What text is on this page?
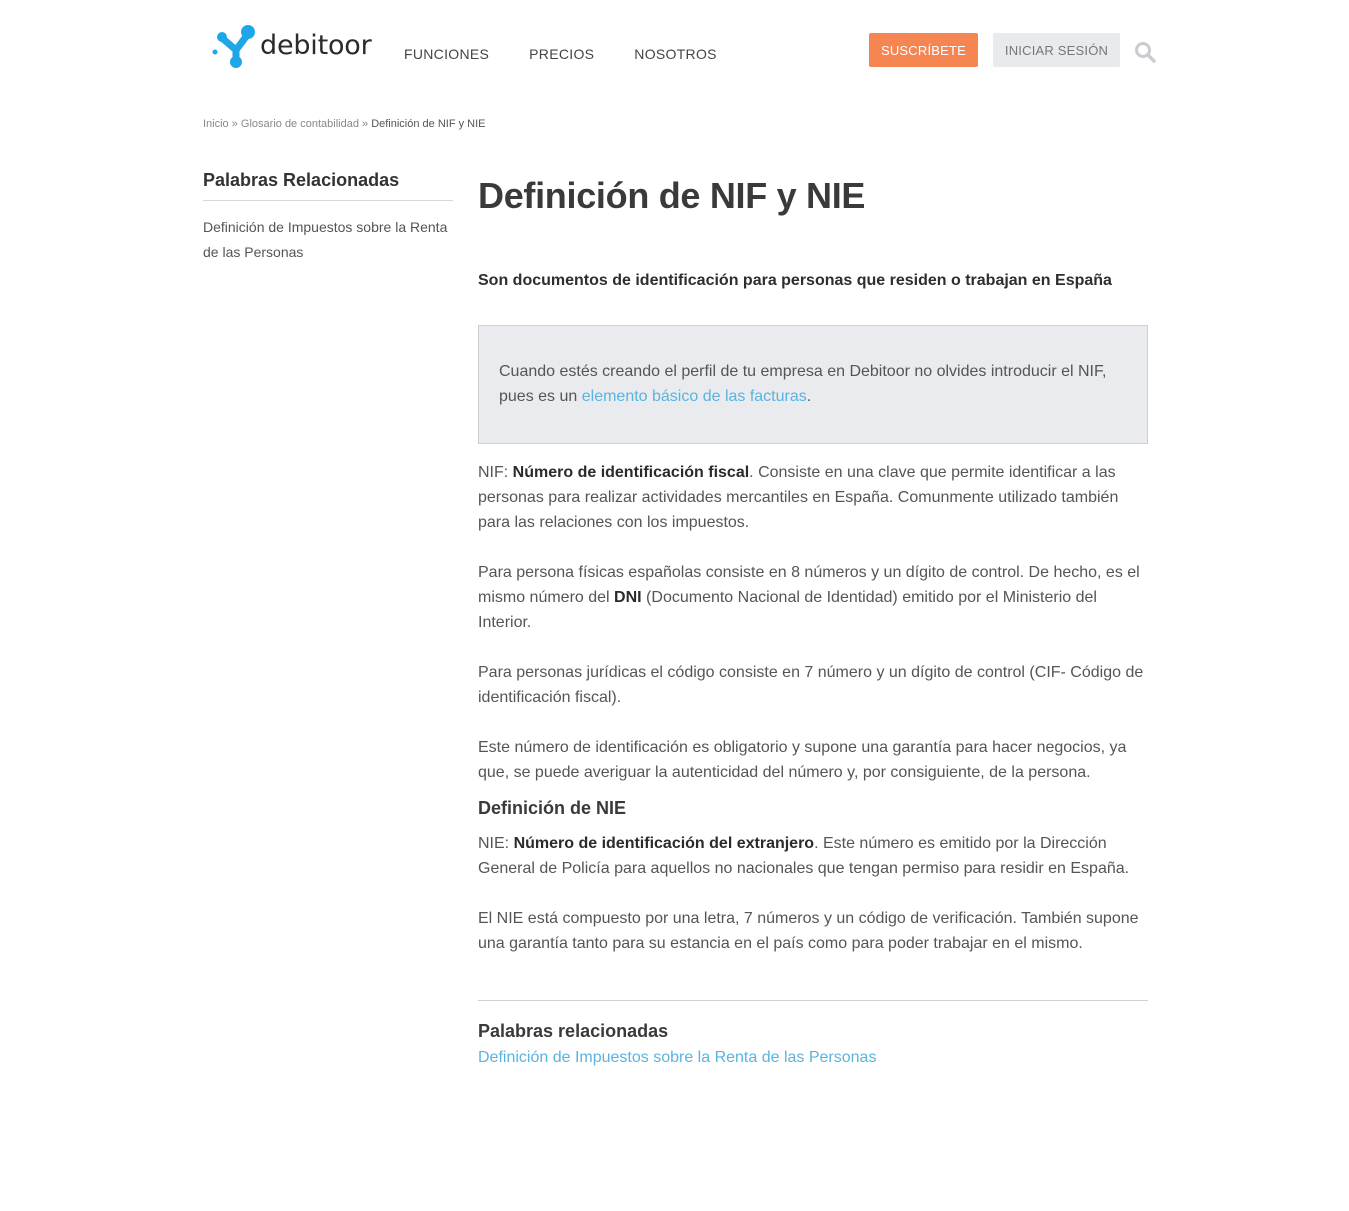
debitoor FUNCIONES	PRECIOS	NOSOTROS	SUSCRÍBETE	INICIAR SESIÓN
Inicio » Glosario de contabilidad » Definición de NIF y NIE
Palabras Relacionadas
Definición de Impuestos sobre la Renta de las Personas
Definición de NIF y NIE

Son documentos de identificación para personas que residen o trabajan en España

Cuando estés creando el perfil de tu empresa en Debitoor no olvides introducir el NIF, pues es un elemento básico de las facturas.

NIF: Número de identificación fiscal. Consiste en una clave que permite identificar a las personas para realizar actividades mercantiles en España. Comunmente utilizado también para las relaciones con los impuestos.

Para persona físicas españolas consiste en 8 números y un dígito de control. De hecho, es el mismo número del DNI (Documento Nacional de Identidad) emitido por el Ministerio del Interior.

Para personas jurídicas el código consiste en 7 número y un dígito de control (CIF- Código de identificación fiscal).

Este número de identificación es obligatorio y supone una garantía para hacer negocios, ya que, se puede averiguar la autenticidad del número y, por consiguiente, de la persona.

Definición de NIE

NIE: Número de identificación del extranjero. Este número es emitido por la Dirección General de Policía para aquellos no nacionales que tengan permiso para residir en España.

El NIE está compuesto por una letra, 7 números y un código de verificación. También supone una garantía tanto para su estancia en el país como para poder trabajar en el mismo.

Palabras relacionadas
Definición de Impuestos sobre la Renta de las Personas
